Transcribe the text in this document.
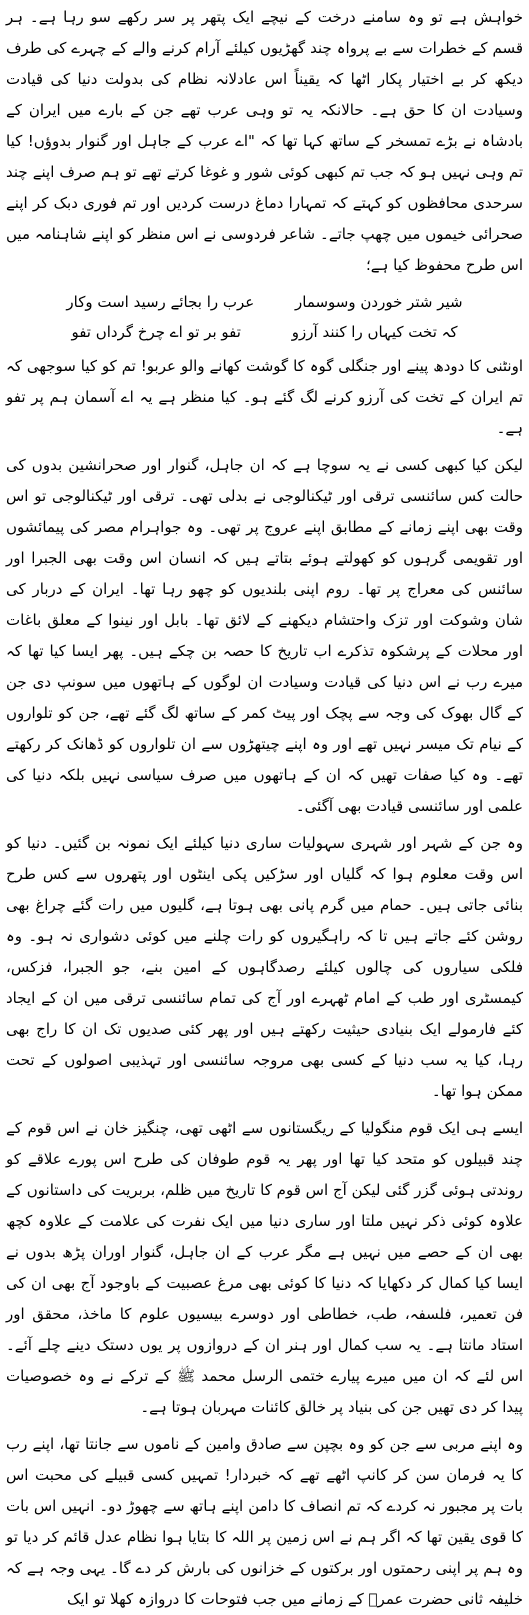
خواہش ہے تو وہ سامنے درخت کے نیچے ایک پتھر پر سر رکھے سو رہا ہے۔ ہر قسم کے خطرات سے بے پرواہ چند گھڑیوں کیلئے آرام کرنے والے کے چہرے کی طرف دیکھ کر بے اختیار پکار اٹھا کہ یقیناً اس عادلانہ نظام کی بدولت دنیا کی قیادت وسیادت ان کا حق ہے۔ حالانکہ یہ تو وہی عرب تھے جن کے بارے میں ایران کے بادشاہ نے بڑے تمسخر کے ساتھ کہا تھا کہ "اے عرب کے جاہل اور گنوار بدوؤں! کیا تم وہی نہیں ہو کہ جب تم کبھی کوئی شور و غوغا کرتے تھے تو ہم صرف اپنے چند سرحدی محافظوں کو کہتے کہ تمہارا دماغ درست کردیں اور تم فوری دبک کر اپنے صحرائی خیموں میں چھپ جاتے۔ شاعر فردوسی نے اس منظر کو اپنے شاہنامہ میں اس طرح محفوظ کیا ہے؛

شیر شتر خوردن وسوسمار
عرب را بجائے رسید است وکار
کہ تخت کیہاں را کنند آرزو
تفو بر تو اے چرخ گرداں تفو

اونٹنی کا دودھ پینے اور جنگلی گوہ کا گوشت کھانے والو عربو! تم کو کیا سوجھی کہ تم ایران کے تخت کی آرزو کرنے لگ گئے ہو۔ کیا منظر ہے یہ اے آسمان ہم پر تفو ہے۔

لیکن کیا کبھی کسی نے یہ سوچا ہے کہ ان جاہل، گنوار اور صحرانشین بدوں کی حالت کس سائنسی ترقی اور ٹیکنالوجی نے بدلی تھی۔ ترقی اور ٹیکنالوجی تو اس وقت بھی اپنے زمانے کے مطابق اپنے عروج پر تھی۔ وہ جواہرام مصر کی پیمائشوں اور تقویمی گرہوں کو کھولتے ہوئے بتاتے ہیں کہ انسان اس وقت بھی الجبرا اور سائنس کی معراج پر تھا۔ روم اپنی بلندیوں کو چھو رہا تھا۔ ایران کے دربار کی شان وشوکت اور تزک واحتشام دیکھنے کے لائق تھا۔ بابل اور نینوا کے معلق باغات اور محلات کے پرشکوہ تذکرے اب تاریخ کا حصہ بن چکے ہیں۔ پھر ایسا کیا تھا کہ میرے رب نے اس دنیا کی قیادت وسیادت ان لوگوں کے ہاتھوں میں سونپ دی جن کے گال بھوک کی وجہ سے پچک اور پیٹ کمر کے ساتھ لگ گئے تھے، جن کو تلواروں کے نیام تک میسر نہیں تھے اور وہ اپنے چیتھڑوں سے ان تلواروں کو ڈھانک کر رکھتے تھے۔ وہ کیا صفات تھیں کہ ان کے ہاتھوں میں صرف سیاسی نہیں بلکہ دنیا کی علمی اور سائنسی قیادت بھی آگئی۔

وہ جن کے شہر اور شہری سہولیات ساری دنیا کیلئے ایک نمونہ بن گئیں۔ دنیا کو اس وقت معلوم ہوا کہ گلیاں اور سڑکیں پکی اینٹوں اور پتھروں سے کس طرح بنائی جاتی ہیں۔ حمام میں گرم پانی بھی ہوتا ہے، گلیوں میں رات گئے چراغ بھی روشن کئے جاتے ہیں تا کہ راہگیروں کو رات چلنے میں کوئی دشواری نہ ہو۔ وہ فلکی سیاروں کی چالوں کیلئے رصدگاہوں کے امین بنے، جو الجبرا، فزکس، کیمسٹری اور طب کے امام ٹھہرے اور آج کی تمام سائنسی ترقی میں ان کے ایجاد کئے فارمولے ایک بنیادی حیثیت رکھتے ہیں اور پھر کئی صدیوں تک ان کا راج بھی رہا، کیا یہ سب دنیا کے کسی بھی مروجہ سائنسی اور تہذیبی اصولوں کے تحت ممکن ہوا تھا۔

ایسے ہی ایک قوم منگولیا کے ریگستانوں سے اٹھی تھی، چنگیز خان نے اس قوم کے چند قبیلوں کو متحد کیا تھا اور پھر یہ قوم طوفان کی طرح اس پورے علاقے کو روندتی ہوئی گزر گئی لیکن آج اس قوم کا تاریخ میں ظلم، بربریت کی داستانوں کے علاوہ کوئی ذکر نہیں ملتا اور ساری دنیا میں ایک نفرت کی علامت کے علاوہ کچھ بھی ان کے حصے میں نہیں ہے مگر عرب کے ان جاہل، گنوار اوران پڑھ بدوں نے ایسا کیا کمال کر دکھایا کہ دنیا کا کوئی بھی مرغ عصبیت کے باوجود آج بھی ان کی فن تعمیر، فلسفہ، طب، خطاطی اور دوسرے بیسیوں علوم کا ماخذ، محقق اور استاد مانتا ہے۔ یہ سب کمال اور ہنر ان کے دروازوں پر یوں دستک دینے چلے آئے۔ اس لئے کہ ان میں میرے پیارے ختمی الرسل محمد ﷺ کے ترکے نے وہ خصوصیات پیدا کر دی تھیں جن کی بنیاد پر خالق کائنات مہربان ہوتا ہے۔

وہ اپنے مربی سے جن کو وہ بچپن سے صادق وامین کے ناموں سے جانتا تھا، اپنے رب کا یہ فرمان سن کر کانپ اٹھے تھے کہ خبردار! تمہیں کسی قبیلے کی محبت اس بات پر مجبور نہ کردے کہ تم انصاف کا دامن اپنے ہاتھ سے چھوڑ دو۔ انہیں اس بات کا قوی یقین تھا کہ اگر ہم نے اس زمین پر اللہ کا بتایا ہوا نظام عدل قائم کر دیا تو وہ ہم پر اپنی رحمتوں اور برکتوں کے خزانوں کی بارش کر دے گا۔ یہی وجہ ہے کہ خلیفہ ثانی حضرت عمرؓ کے زمانے میں جب فتوحات کا دروازہ کھلا تو ایک
